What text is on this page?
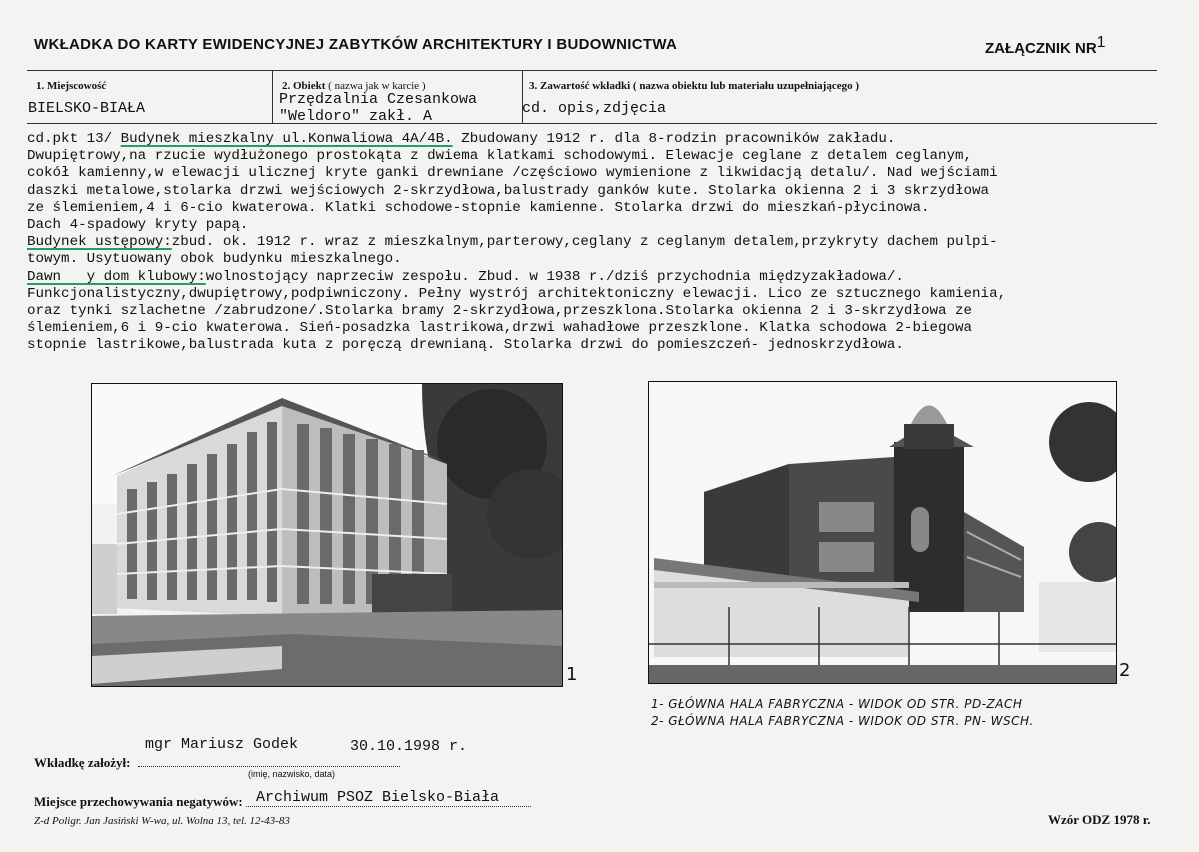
WKŁADKA DO KARTY EWIDENCYJNEJ ZABYTKÓW ARCHITEKTURY I BUDOWNICTWA	ZAŁĄCZNIK $NR^1$
1. Miejscowość
BIELSKO-BIAŁA
2. Obiekt ( nazwa jak w karcie )
Przędzalnia Czesankowa
"Weldoro" zakł. A
3. Zawartość wkładki ( nazwa obiektu lub materiału uzupełniającego )
cd. opis,zdjęcia
cd.pkt 13/ Budynek mieszkalny ul.Konwaliowa 4A/4B. Zbudowany 1912 r. dla 8-rodzin pracowników zakładu.
Dwupiętrowy,na rzucie wydłużonego prostokąta z dwiema klatkami schodowymi. Elewacje ceglane z detalem ceglanym,
cokół kamienny,w elewacji ulicznej kryte ganki drewniane /częściowo wymienione z likwidacją detalu/. Nad wejściami
daszki metalowe,stolarka drzwi wejściowych 2-skrzydłowa,balustrady ganków kute. Stolarka okienna 2 i 3 skrzydłowa
ze ślemieniem,4 i 6-cio kwaterowa. Klatki schodowe-stopnie kamienne. Stolarka drzwi do mieszkań-płycinowa.
Dach 4-spadowy kryty papą.
Budynek ustępowy:zbud. ok. 1912 r. wraz z mieszkalnym,parterowy,ceglany z ceglanym detalem,przykryty dachem pulpi-
towym. Usytuowany obok budynku mieszkalnego.
Dawn   y dom klubowy:wolnostojący naprzeciw zespołu. Zbud. w 1938 r./dziś przychodnia międzyzakładowa/.
Funkcjonalistyczny,dwupiętrowy,podpiwniczony. Pełny wystrój architektoniczny elewacji. Lico ze sztucznego kamienia,
oraz tynki szlachetne /zabrudzone/.Stolarka bramy 2-skrzydłowa,przeszklona.Stolarka okienna 2 i 3-skrzydłowa ze
ślemieniem,6 i 9-cio kwaterowa. Sień-posadzka lastrikowa,drzwi wahadłowe przeszklone. Klatka schodowa 2-biegowa
stopnie lastrikowe,balustrada kuta z poręczą drewnianą. Stolarka drzwi do pomieszczeń- jednoskrzydłowa.
1	2
1- GŁÓWNA HALA FABRYCZNA - WIDOK OD STR. PD-ZACH
2- GŁÓWNA HALA FABRYCZNA - WIDOK OD STR. PN- WSCH.
mgr Mariusz Godek	30.10.1998 r.
Wkładkę założył:
(imię, nazwisko, data)
Miejsce przechowywania negatywów: Archiwum PSOZ Bielsko-Biała
Z-d Poligr. Jan Jasiński W-wa, ul. Wolna 13, tel. 12-43-83	Wzór ODZ 1978 r.
